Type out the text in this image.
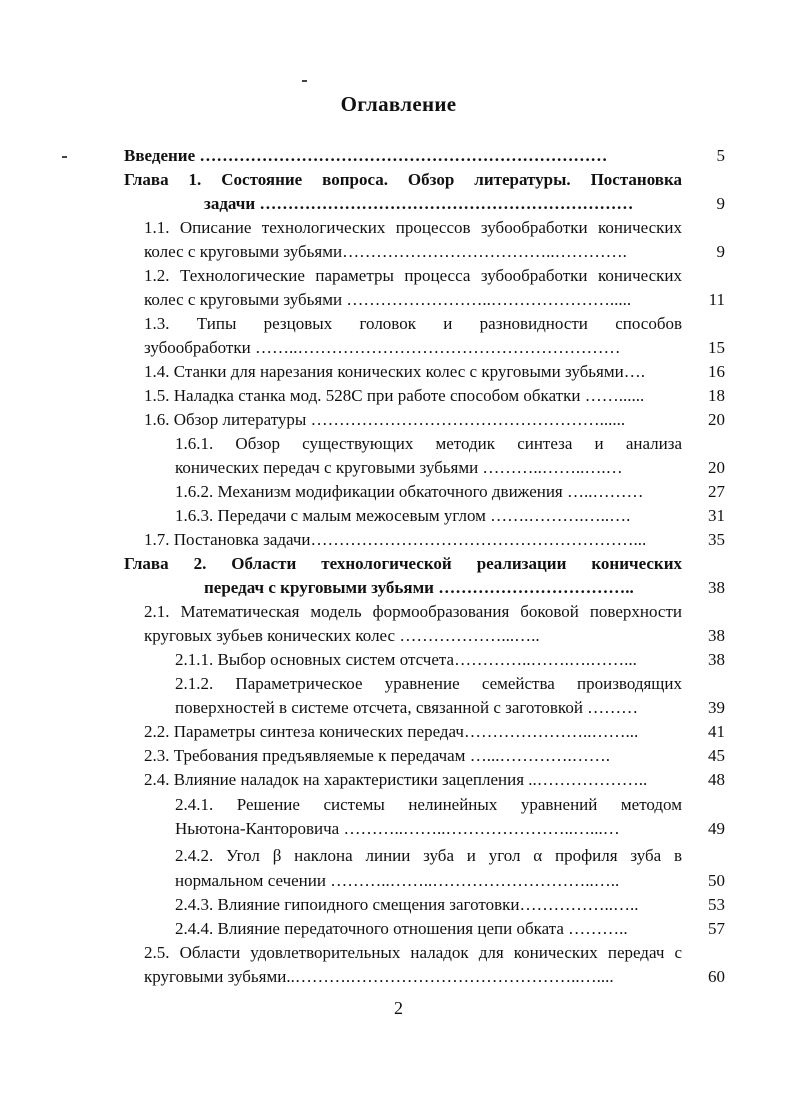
Оглавление
Введение ………………………………………………………………	5
Глава 1. Состояние вопроса. Обзор литературы. Постановка
задачи …………………………………………………………	9
1.1. Описание технологических процессов зубообработки конических
колес с круговыми зубьями………………………………..………….	9
1.2. Технологические параметры процесса зубообработки конических
колес с круговыми зубьями ……………………..………………….....	11
1.3. Типы резцовых головок и разновидности способов
зубообработки ……..…………………………………………………	15
1.4. Станки для нарезания конических колес с круговыми зубьями….	16
1.5. Наладка станка мод. 528С при работе способом обкатки ……......	18
1.6. Обзор литературы ……………………………………………......	20
1.6.1. Обзор существующих методик синтеза и анализа
конических передач с круговыми зубьями ………..……..….…	20
1.6.2. Механизм модификации обкаточного движения …..………	27
1.6.3. Передачи с малым межосевым углом …….……….…..….	31
1.7. Постановка задачи…………………………………………………...	35
Глава 2. Области технологической реализации конических
передач с круговыми зубьями ……………………………..	38
2.1. Математическая модель формообразования боковой поверхности
круговых зубьев конических колес ………………...…..	38
2.1.1. Выбор основных систем отсчета…………..…….….……...	38
2.1.2. Параметрическое уравнение семейства производящих
поверхностей в системе отсчета, связанной с заготовкой ………	39
2.2. Параметры синтеза конических передач…………………..……...	41
2.3. Требования предъявляемые к передачам …...………….…….	45
2.4. Влияние наладок на характеристики зацепления ..………………..	48
2.4.1. Решение системы нелинейных уравнений методом
Ньютона-Канторовича ………..……..…………………..…...…	49
2.4.2. Угол β наклона линии зуба и угол α профиля зуба в
нормальном сечении ………..……..………………………..…..	50
2.4.3. Влияние гипоидного смещения заготовки……………..…..	53
2.4.4. Влияние передаточного отношения цепи обката ………..	57
2.5. Области удовлетворительных наладок для конических передач с
круговыми зубьями..……….…………………………………..…....	60
2
